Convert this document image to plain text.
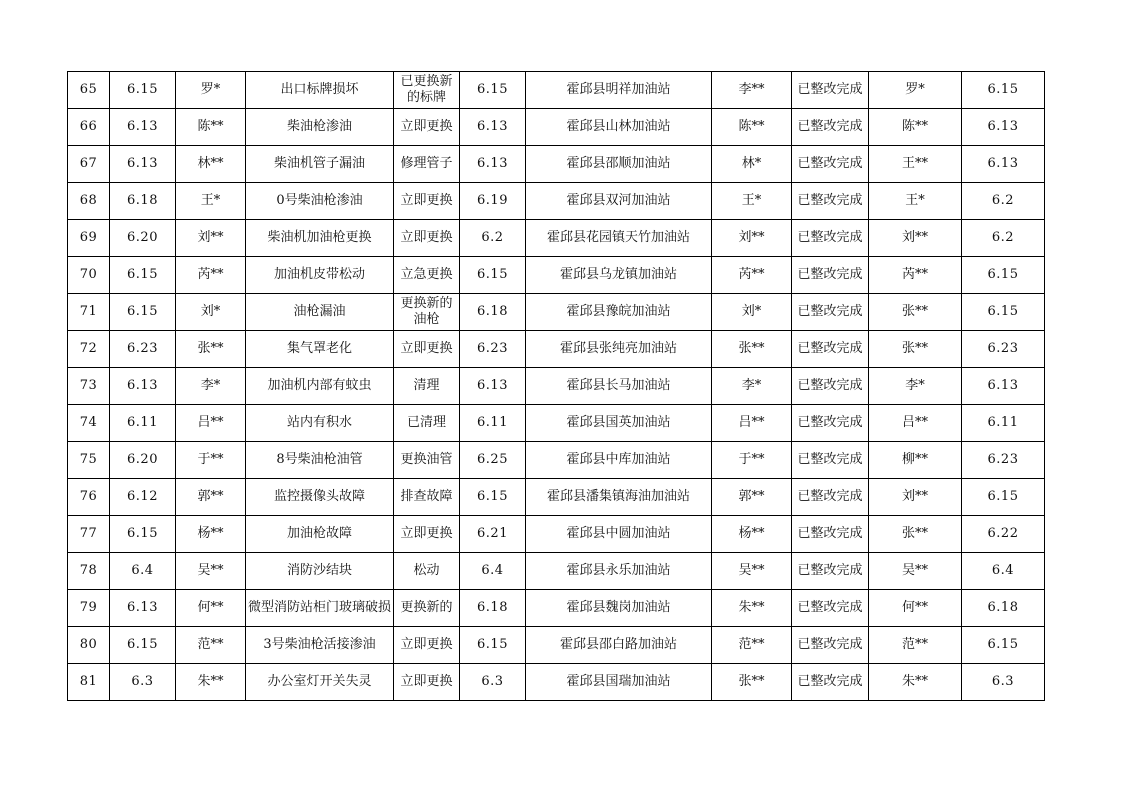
65	6.15	罗*	出口标牌损坏	已更换新的标牌	6.15	霍邱县明祥加油站	李**	已整改完成	罗*	6.15
66	6.13	陈**	柴油枪渗油	立即更换	6.13	霍邱县山林加油站	陈**	已整改完成	陈**	6.13
67	6.13	林**	柴油机管子漏油	修理管子	6.13	霍邱县邵顺加油站	林*	已整改完成	王**	6.13
68	6.18	王*	0号柴油枪渗油	立即更换	6.19	霍邱县双河加油站	王*	已整改完成	王*	6.2
69	6.20	刘**	柴油机加油枪更换	立即更换	6.2	霍邱县花园镇天竹加油站	刘**	已整改完成	刘**	6.2
70	6.15	芮**	加油机皮带松动	立急更换	6.15	霍邱县乌龙镇加油站	芮**	已整改完成	芮**	6.15
71	6.15	刘*	油枪漏油	更换新的油枪	6.18	霍邱县豫皖加油站	刘*	已整改完成	张**	6.15
72	6.23	张**	集气罩老化	立即更换	6.23	霍邱县张纯亮加油站	张**	已整改完成	张**	6.23
73	6.13	李*	加油机内部有蚊虫	清理	6.13	霍邱县长马加油站	李*	已整改完成	李*	6.13
74	6.11	吕**	站内有积水	已清理	6.11	霍邱县国英加油站	吕**	已整改完成	吕**	6.11
75	6.20	于**	8号柴油枪油管	更换油管	6.25	霍邱县中库加油站	于**	已整改完成	柳**	6.23
76	6.12	郭**	监控摄像头故障	排查故障	6.15	霍邱县潘集镇海油加油站	郭**	已整改完成	刘**	6.15
77	6.15	杨**	加油枪故障	立即更换	6.21	霍邱县中圆加油站	杨**	已整改完成	张**	6.22
78	6.4	吴**	消防沙结块	松动	6.4	霍邱县永乐加油站	吴**	已整改完成	吴**	6.4
79	6.13	何**	微型消防站柜门玻璃破损	更换新的	6.18	霍邱县魏岗加油站	朱**	已整改完成	何**	6.18
80	6.15	范**	3号柴油枪活接渗油	立即更换	6.15	霍邱县邵白路加油站	范**	已整改完成	范**	6.15
81	6.3	朱**	办公室灯开关失灵	立即更换	6.3	霍邱县国瑞加油站	张**	已整改完成	朱**	6.3
